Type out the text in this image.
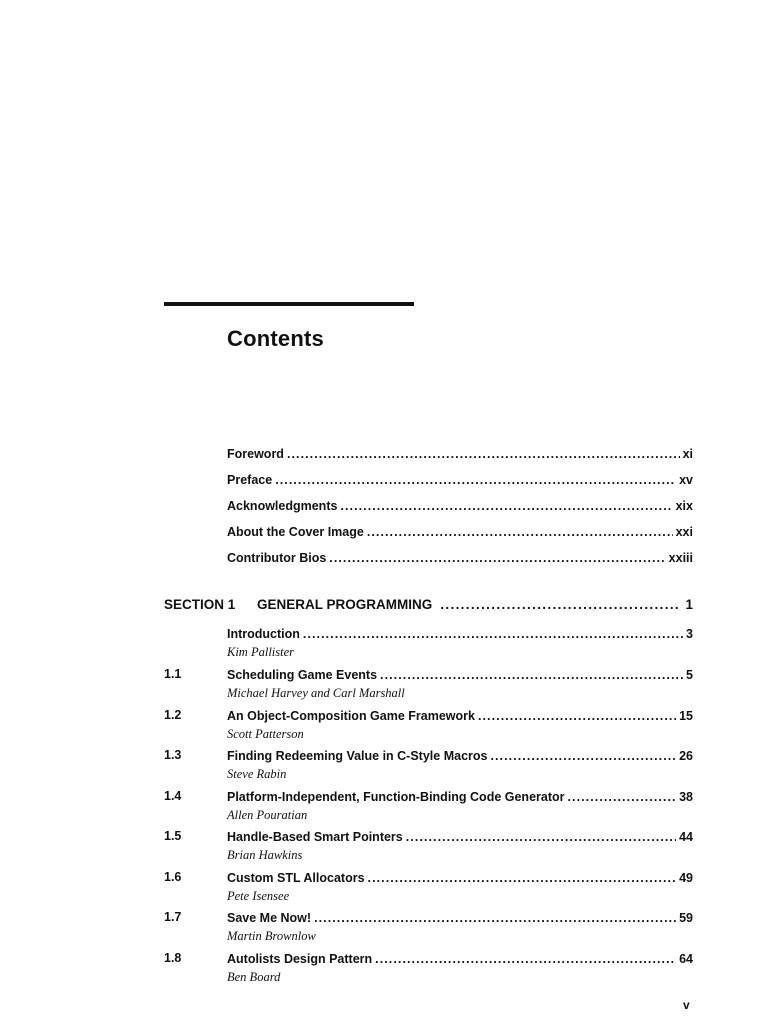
Contents
Foreword . . .	xi
Preface . . .	xv
Acknowledgments . . .	xix
About the Cover Image . . .	xxi
Contributor Bios . . .	xxiii
SECTION 1	GENERAL PROGRAMMING . . .	1
Introduction . . .	3
Kim Pallister
1.1	Scheduling Game Events . . .	5
Michael Harvey and Carl Marshall
1.2	An Object-Composition Game Framework . . .	15
Scott Patterson
1.3	Finding Redeeming Value in C-Style Macros . . .	26
Steve Rabin
1.4	Platform-Independent, Function-Binding Code Generator . . .	38
Allen Pouratian
1.5	Handle-Based Smart Pointers . . .	44
Brian Hawkins
1.6	Custom STL Allocators . . .	49
Pete Isensee
1.7	Save Me Now! . . .	59
Martin Brownlow
1.8	Autolists Design Pattern . . .	64
Ben Board
v
